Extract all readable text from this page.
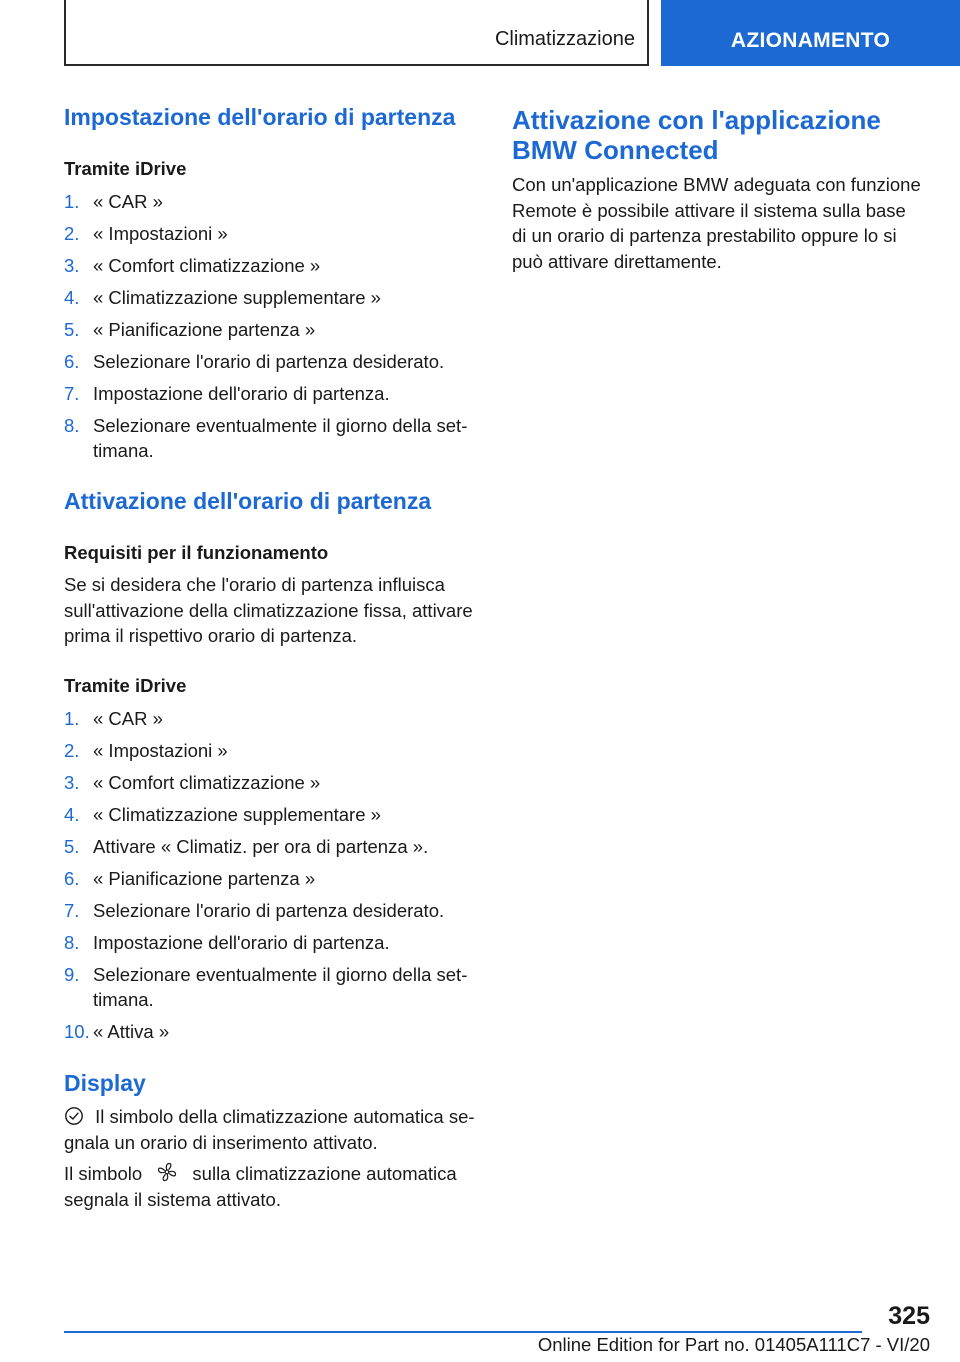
Climatizzazione	AZIONAMENTO
Impostazione dell'orario di partenza
Tramite iDrive
1. « CAR »
2. « Impostazioni »
3. « Comfort climatizzazione »
4. « Climatizzazione supplementare »
5. « Pianificazione partenza »
6. Selezionare l'orario di partenza desiderato.
7. Impostazione dell'orario di partenza.
8. Selezionare eventualmente il giorno della settimana.
Attivazione dell'orario di partenza
Requisiti per il funzionamento
Se si desidera che l'orario di partenza influisca sull'attivazione della climatizzazione fissa, attivare prima il rispettivo orario di partenza.
Tramite iDrive
1. « CAR »
2. « Impostazioni »
3. « Comfort climatizzazione »
4. « Climatizzazione supplementare »
5. Attivare « Climatiz. per ora di partenza ».
6. « Pianificazione partenza »
7. Selezionare l'orario di partenza desiderato.
8. Impostazione dell'orario di partenza.
9. Selezionare eventualmente il giorno della settimana.
10. « Attiva »
Display
Il simbolo della climatizzazione automatica segnala un orario di inserimento attivato.
Il simbolo	sulla climatizzazione automatica segnala il sistema attivato.
Attivazione con l'applicazione BMW Connected
Con un'applicazione BMW adeguata con funzione Remote è possibile attivare il sistema sulla base di un orario di partenza prestabilito oppure lo si può attivare direttamente.
325
Online Edition for Part no. 01405A111C7 - VI/20
